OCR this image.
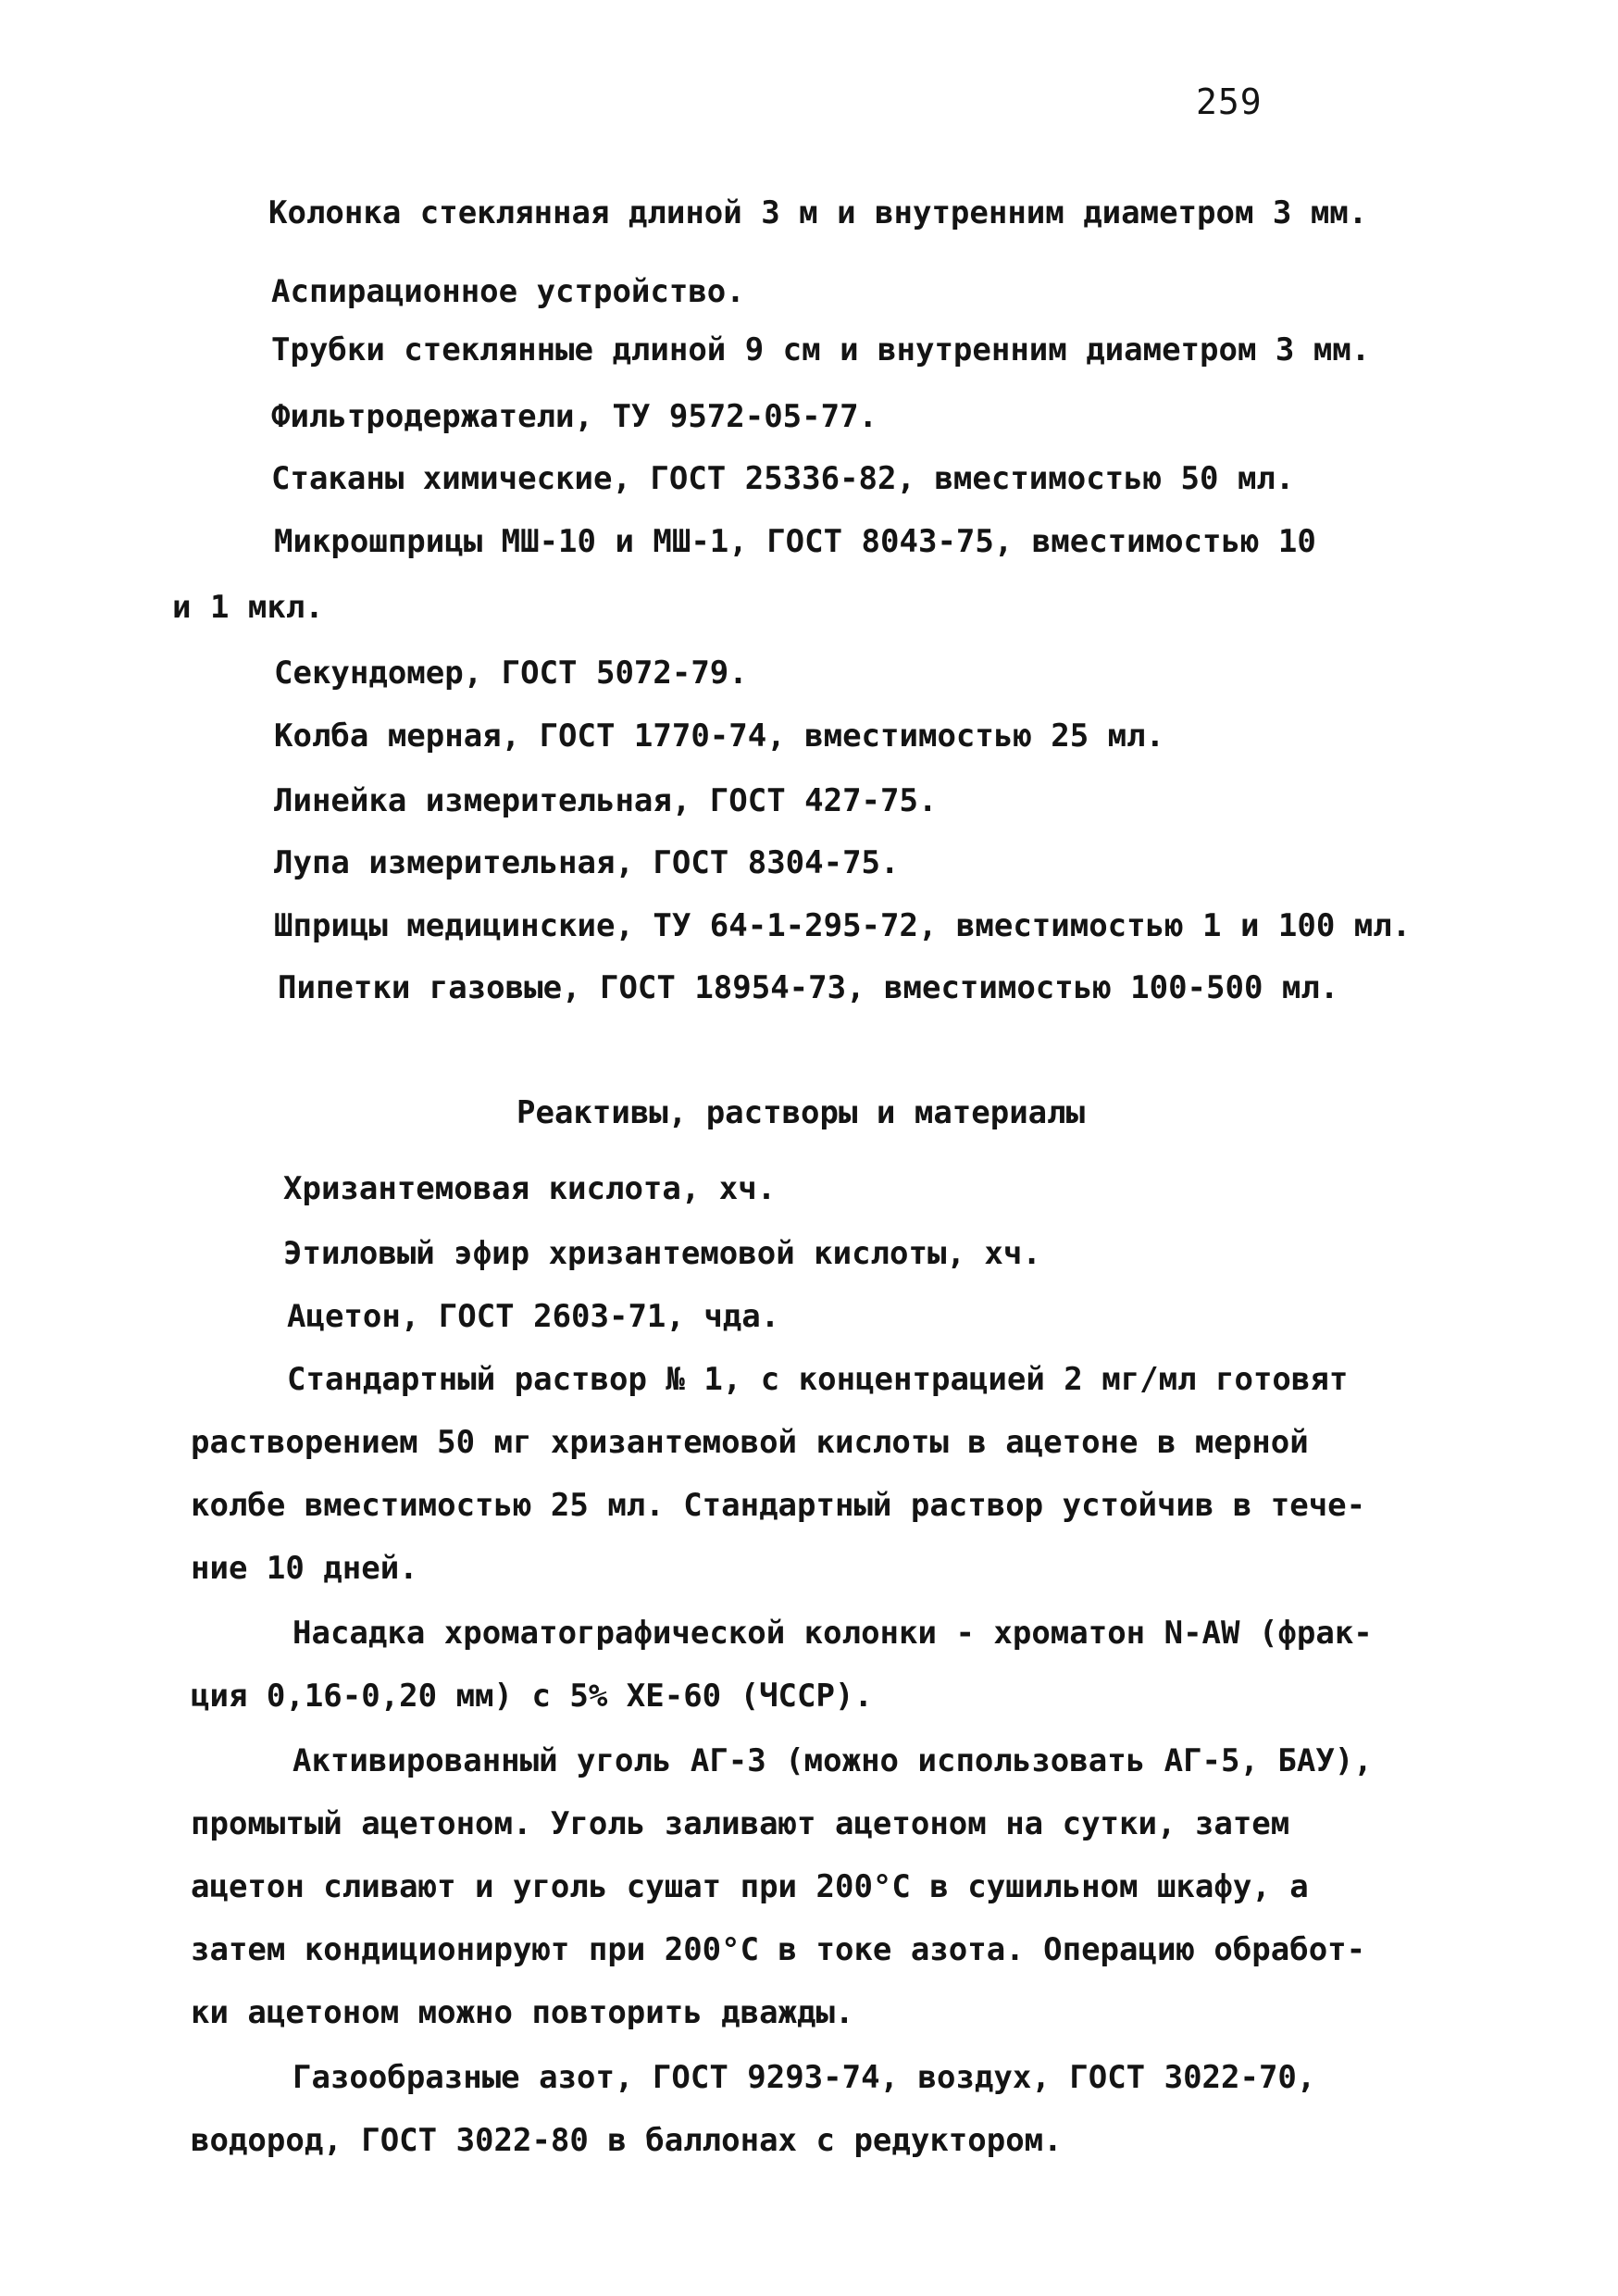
259
Колонка стеклянная длиной 3 м и внутренним диаметром 3 мм.
Аспирационное устройство.
Трубки стеклянные длиной 9 см и внутренним диаметром 3 мм.
Фильтродержатели, ТУ 9572-05-77.
Стаканы химические, ГОСТ 25336-82, вместимостью 50 мл.
Микрошприцы МШ-10 и МШ-1, ГОСТ 8043-75, вместимостью 10
и 1 мкл.
Секундомер, ГОСТ 5072-79.
Колба мерная, ГОСТ 1770-74, вместимостью 25 мл.
Линейка измерительная, ГОСТ 427-75.
Лупа измерительная, ГОСТ 8304-75.
Шприцы медицинские, ТУ 64-1-295-72, вместимостью 1 и 100 мл.
Пипетки газовые, ГОСТ 18954-73, вместимостью 100-500 мл.
Реактивы, растворы и материалы
Хризантемовая кислота, хч.
Этиловый эфир хризантемовой кислоты, хч.
Ацетон, ГОСТ 2603-71, чда.
Стандартный раствор № 1, с концентрацией 2 мг/мл готовят
растворением 50 мг хризантемовой кислоты в ацетоне в мерной
колбе вместимостью 25 мл. Стандартный раствор устойчив в тече-
ние 10 дней.
Насадка хроматографической колонки - хроматон N-AW (фрак-
ция 0,16-0,20 мм) с 5% XE-60 (ЧССР).
Активированный уголь АГ-3 (можно использовать АГ-5, БАУ),
промытый ацетоном. Уголь заливают ацетоном на сутки, затем
ацетон сливают и уголь сушат при 200°С в сушильном шкафу, а
затем кондиционируют при 200°С в токе азота. Операцию обработ-
ки ацетоном можно повторить дважды.
Газообразные азот, ГОСТ 9293-74, воздух, ГОСТ 3022-70,
водород, ГОСТ 3022-80 в баллонах с редуктором.
